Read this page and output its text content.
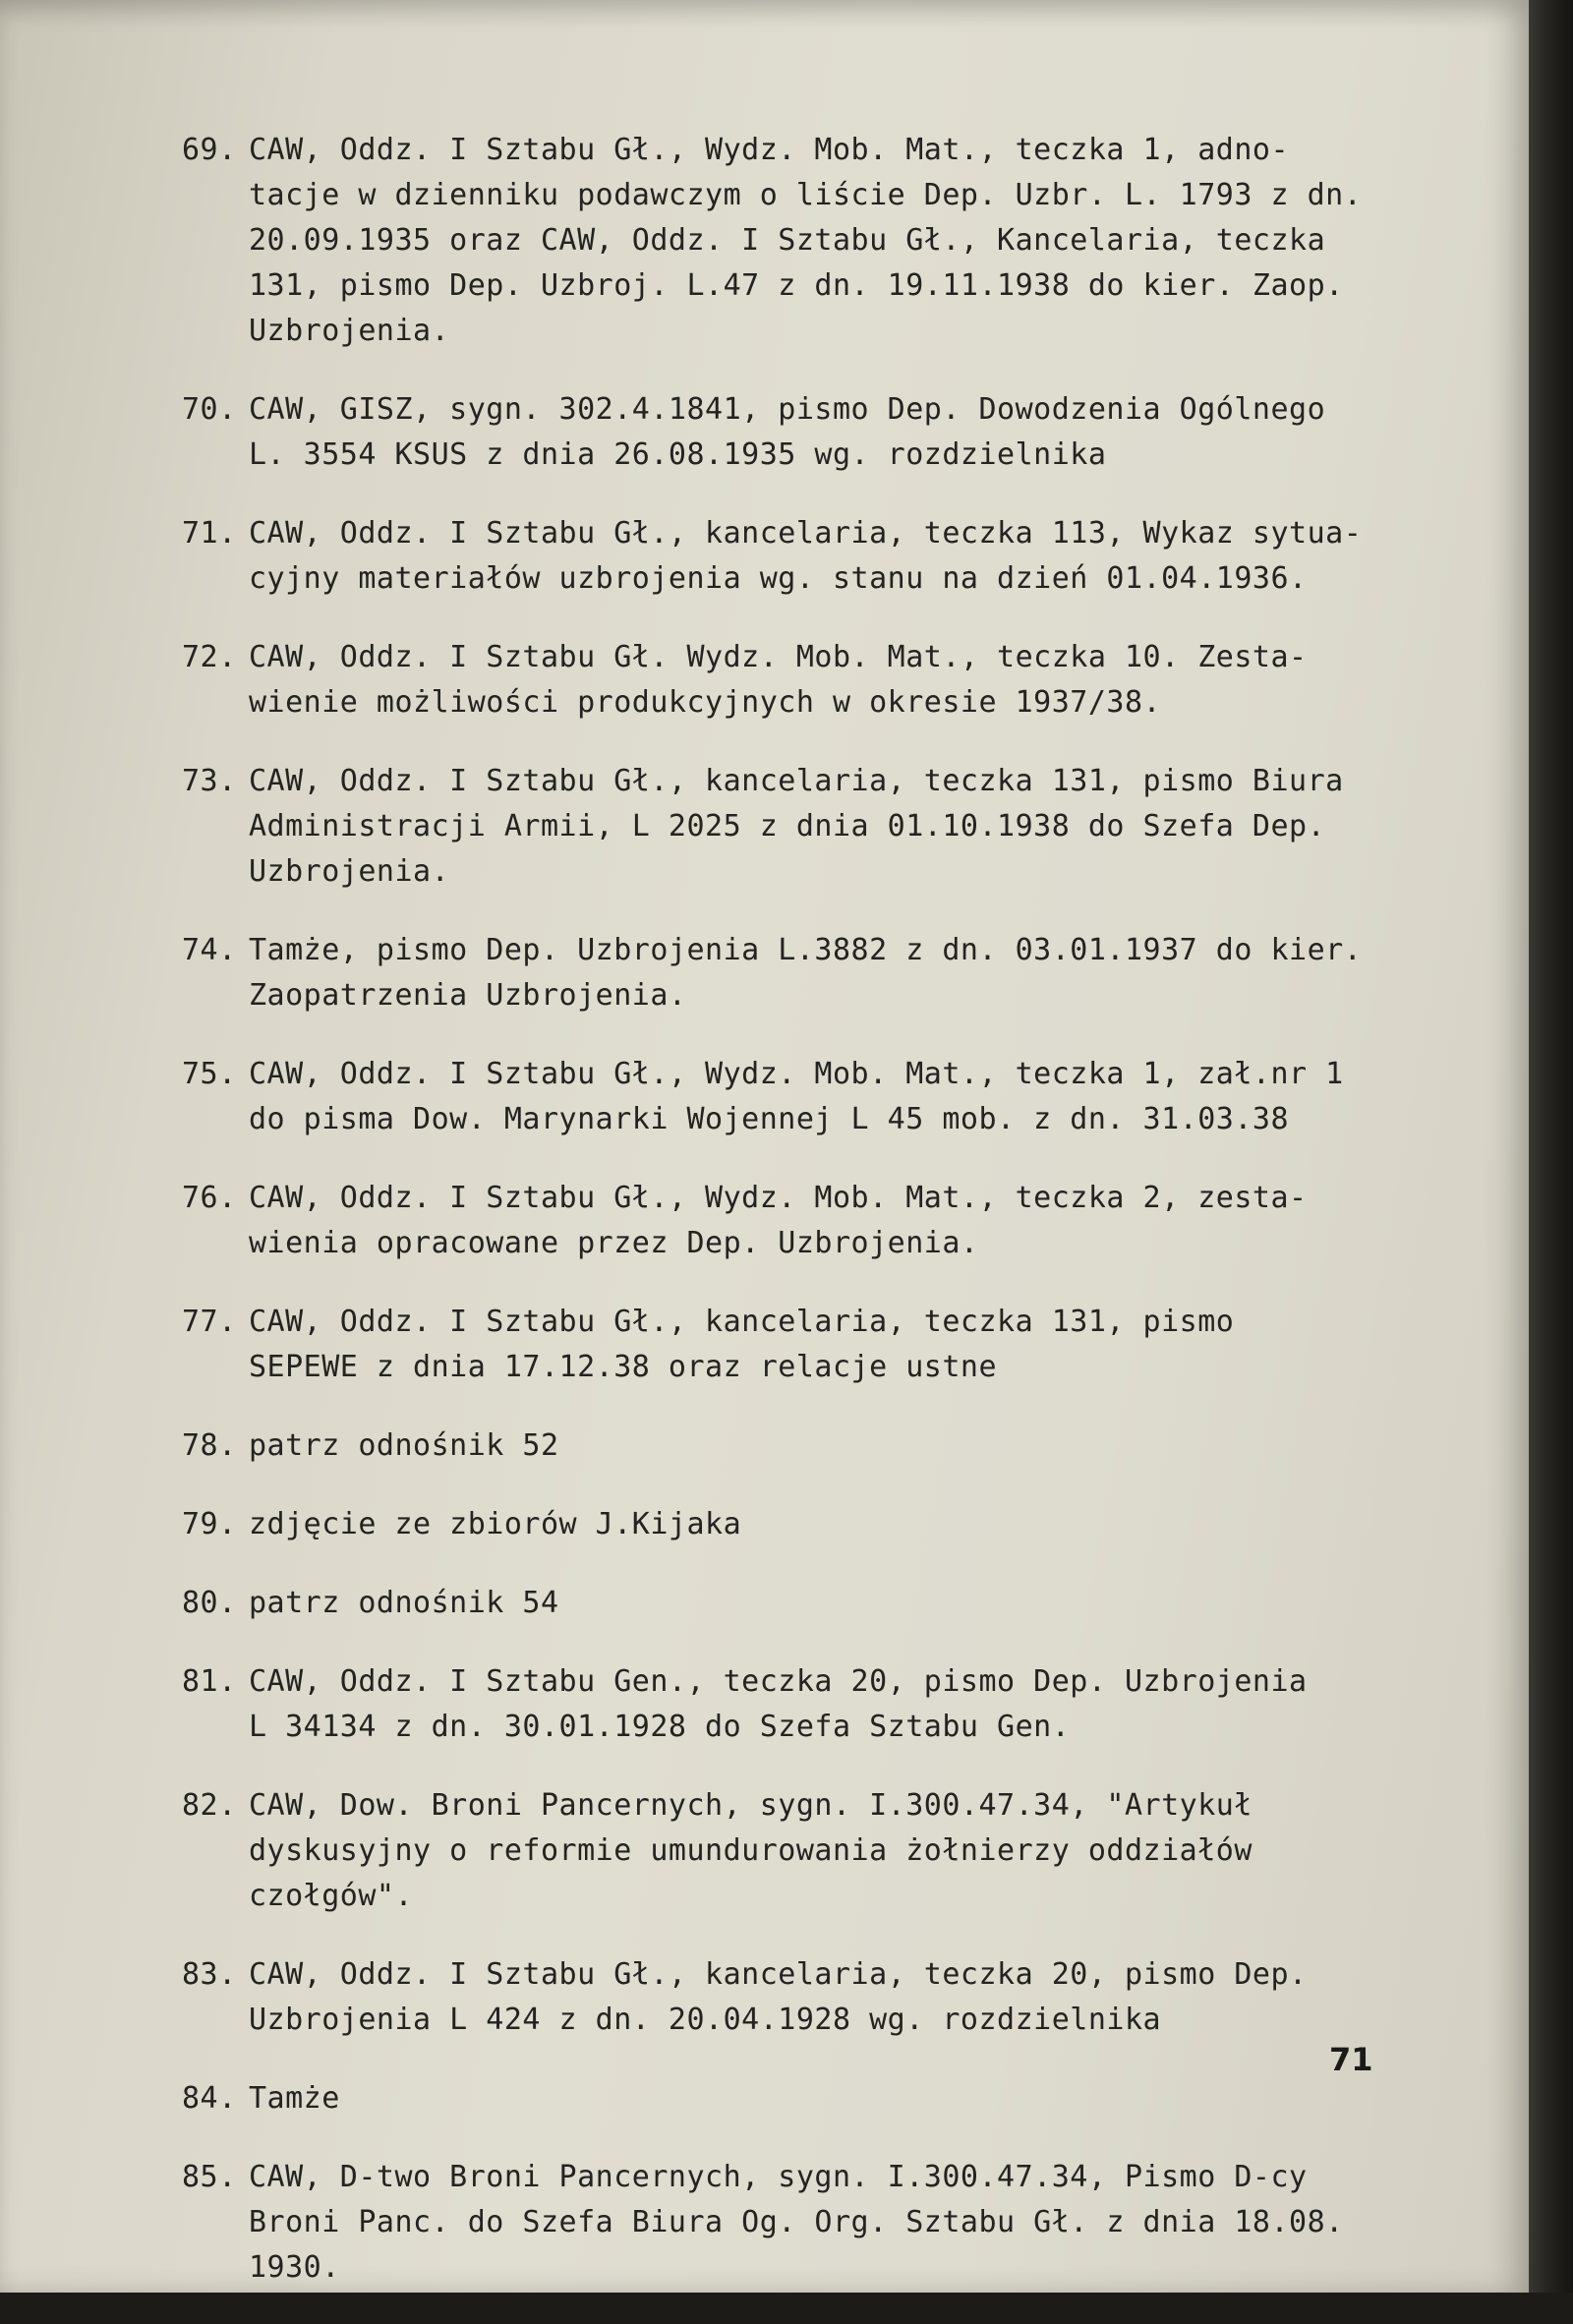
69. CAW, Oddz. I Sztabu Gł., Wydz. Mob. Mat., teczka 1, adno-
tacje w dzienniku podawczym o liście Dep. Uzbr. L. 1793 z dn.
20.09.1935 oraz CAW, Oddz. I Sztabu Gł., Kancelaria, teczka
131, pismo Dep. Uzbroj. L.47 z dn. 19.11.1938 do kier. Zaop.
Uzbrojenia.
70. CAW, GISZ, sygn. 302.4.1841, pismo Dep. Dowodzenia Ogólnego
L. 3554 KSUS z dnia 26.08.1935 wg. rozdzielnika
71. CAW, Oddz. I Sztabu Gł., kancelaria, teczka 113, Wykaz sytua-
cyjny materiałów uzbrojenia wg. stanu na dzień 01.04.1936.
72. CAW, Oddz. I Sztabu Gł. Wydz. Mob. Mat., teczka 10. Zesta-
wienie możliwości produkcyjnych w okresie 1937/38.
73. CAW, Oddz. I Sztabu Gł., kancelaria, teczka 131, pismo Biura
Administracji Armii, L 2025 z dnia 01.10.1938 do Szefa Dep.
Uzbrojenia.
74. Tamże, pismo Dep. Uzbrojenia L.3882 z dn. 03.01.1937 do kier.
Zaopatrzenia Uzbrojenia.
75. CAW, Oddz. I Sztabu Gł., Wydz. Mob. Mat., teczka 1, zał.nr 1
do pisma Dow. Marynarki Wojennej L 45 mob. z dn. 31.03.38
76. CAW, Oddz. I Sztabu Gł., Wydz. Mob. Mat., teczka 2, zesta-
wienia opracowane przez Dep. Uzbrojenia.
77. CAW, Oddz. I Sztabu Gł., kancelaria, teczka 131, pismo
SEPEWE z dnia 17.12.38 oraz relacje ustne
78. patrz odnośnik 52
79. zdjęcie ze zbiorów J.Kijaka
80. patrz odnośnik 54
81. CAW, Oddz. I Sztabu Gen., teczka 20, pismo Dep. Uzbrojenia
L 34134 z dn. 30.01.1928 do Szefa Sztabu Gen.
82. CAW, Dow. Broni Pancernych, sygn. I.300.47.34, "Artykuł
dyskusyjny o reformie umundurowania żołnierzy oddziałów
czołgów".
83. CAW, Oddz. I Sztabu Gł., kancelaria, teczka 20, pismo Dep.
Uzbrojenia L 424 z dn. 20.04.1928 wg. rozdzielnika
84. Tamże
85. CAW, D-two Broni Pancernych, sygn. I.300.47.34, Pismo D-cy
Broni Panc. do Szefa Biura Og. Org. Sztabu Gł. z dnia 18.08.
1930.
71
